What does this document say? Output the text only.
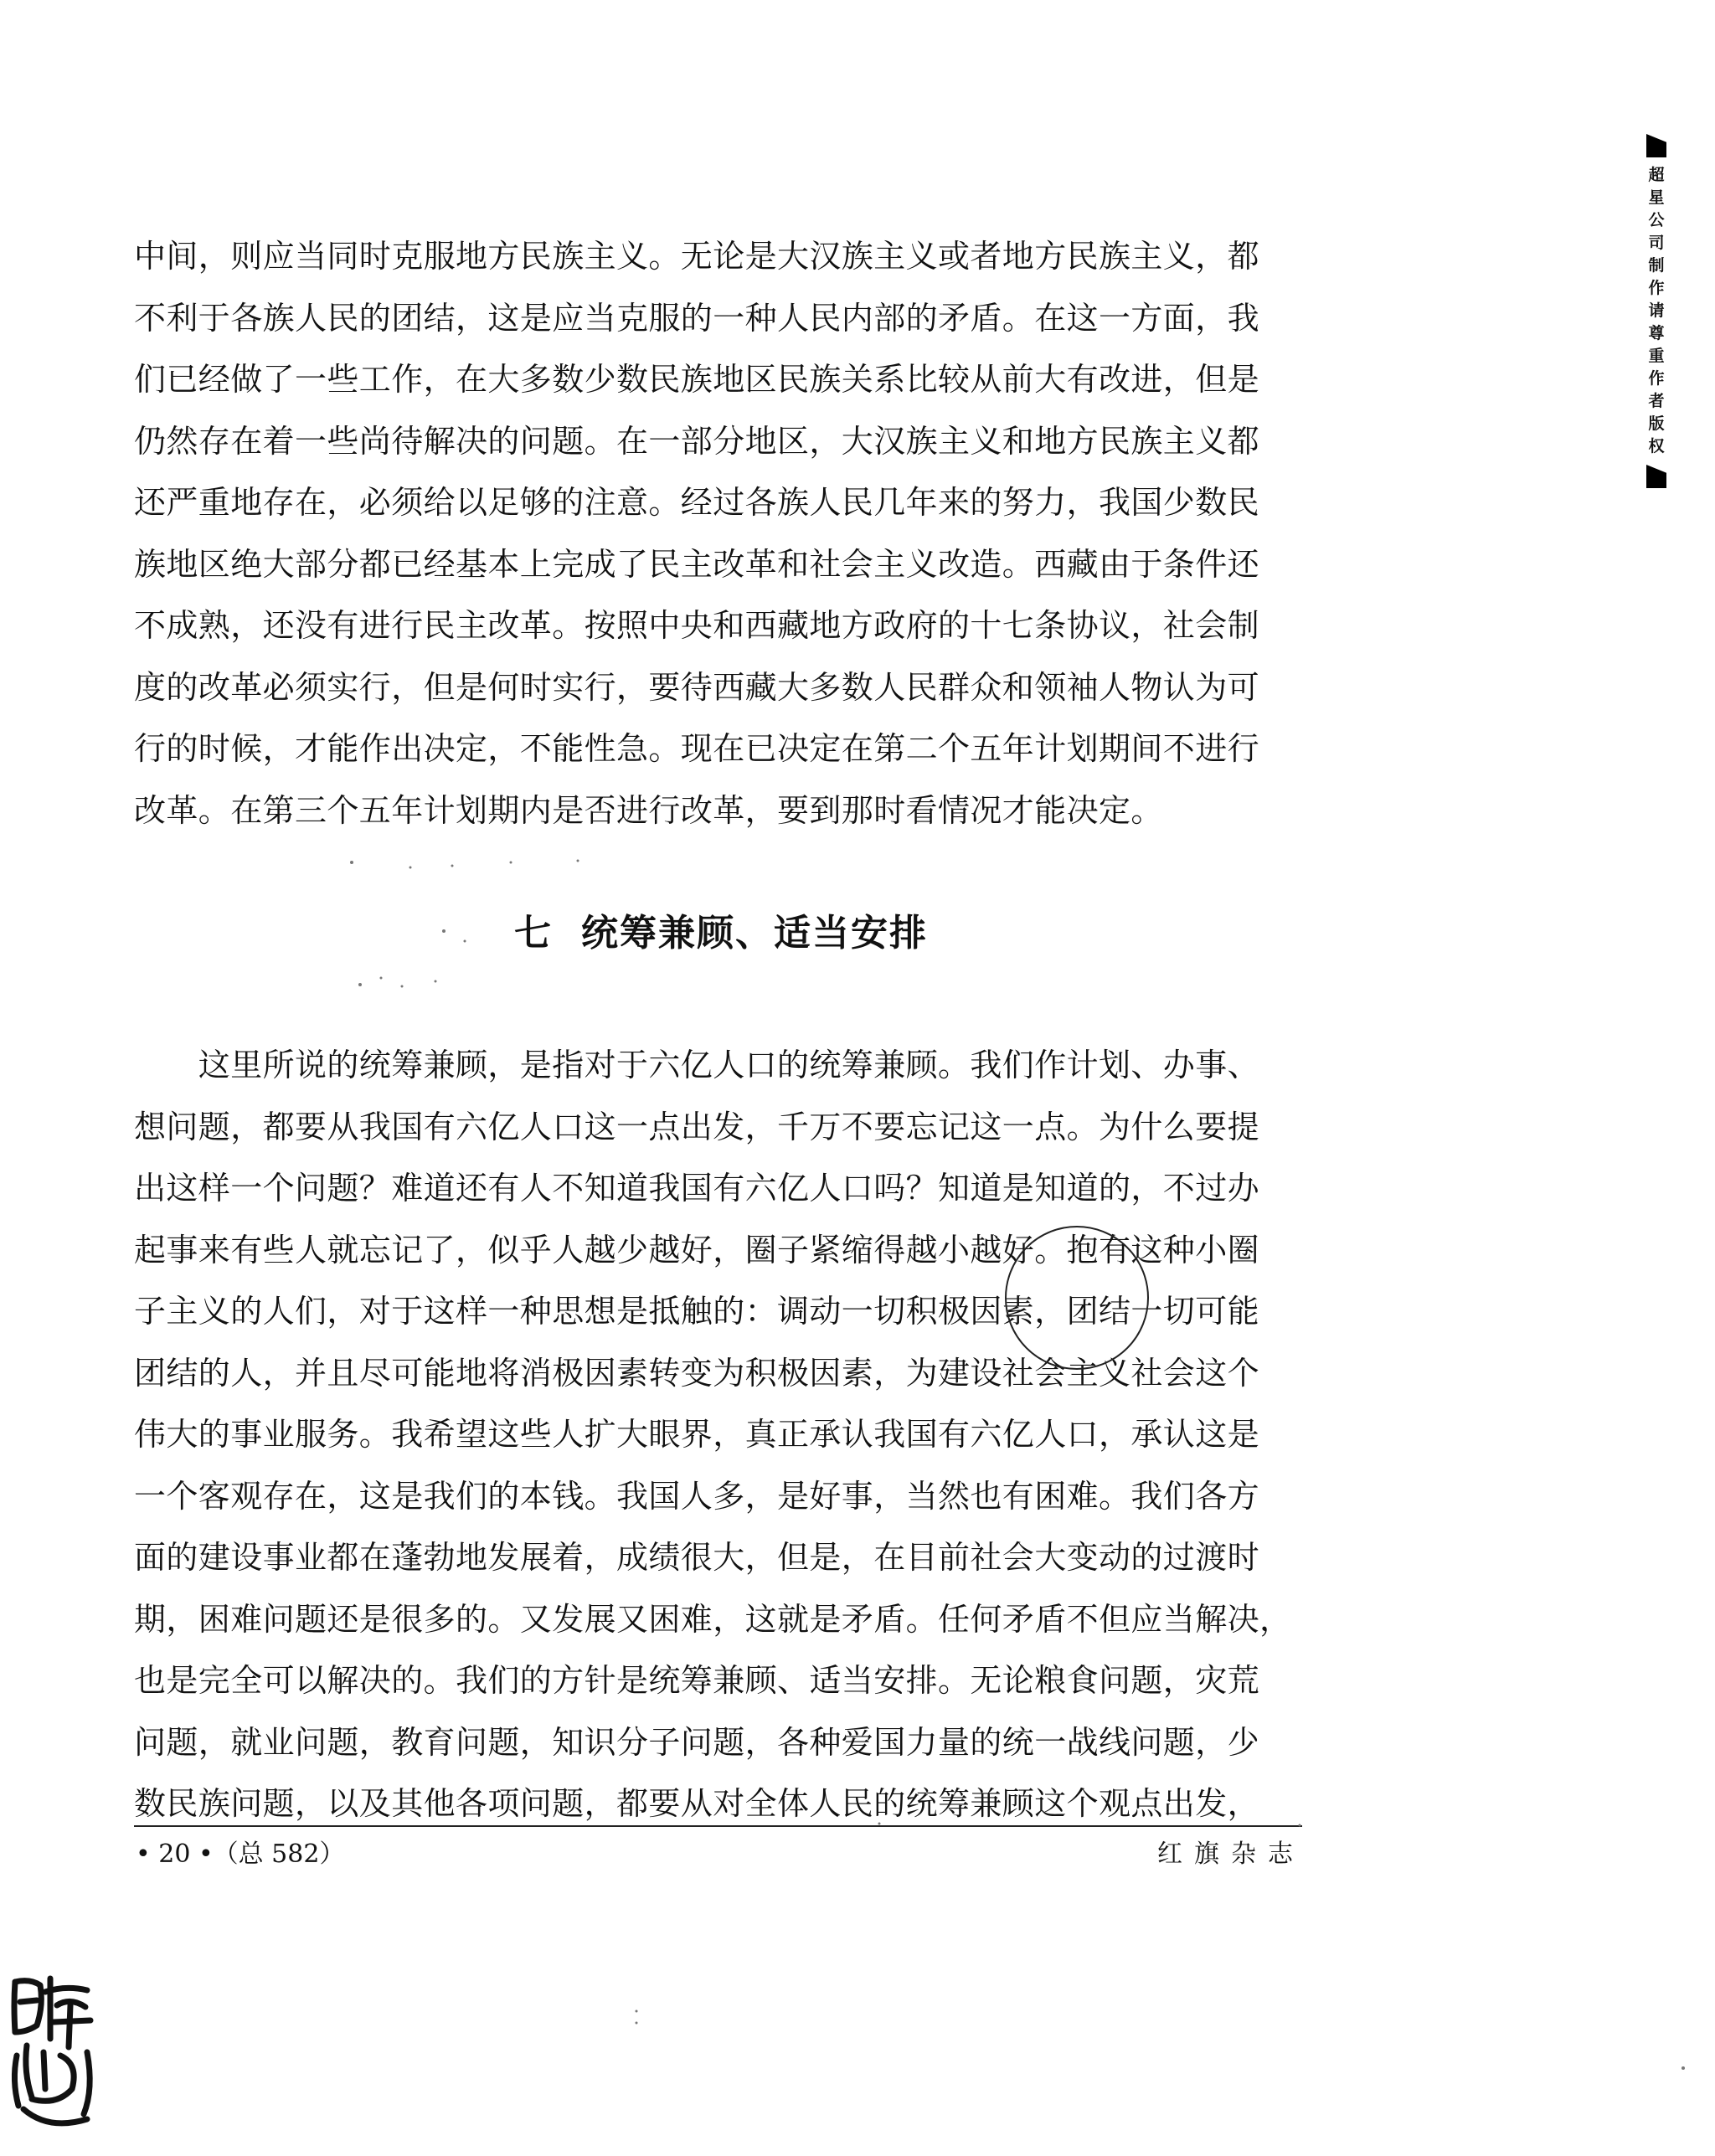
中间，则应当同时克服地方民族主义。无论是大汉族主义或者地方民族主义，都

不利于各族人民的团结，这是应当克服的一种人民内部的矛盾。在这一方面，我

们已经做了一些工作，在大多数少数民族地区民族关系比较从前大有改进，但是

仍然存在着一些尚待解决的问题。在一部分地区，大汉族主义和地方民族主义都

还严重地存在，必须给以足够的注意。经过各族人民几年来的努力，我国少数民

族地区绝大部分都已经基本上完成了民主改革和社会主义改造。西藏由于条件还

不成熟，还没有进行民主改革。按照中央和西藏地方政府的十七条协议，社会制

度的改革必须实行，但是何时实行，要待西藏大多数人民群众和领袖人物认为可

行的时候，才能作出决定，不能性急。现在已决定在第二个五年计划期间不进行

改革。在第三个五年计划期内是否进行改革，要到那时看情况才能决定。

七 统筹兼顾、适当安排

　　这里所说的统筹兼顾，是指对于六亿人口的统筹兼顾。我们作计划、办事、

想问题，都要从我国有六亿人口这一点出发，千万不要忘记这一点。为什么要提

出这样一个问题？难道还有人不知道我国有六亿人口吗？知道是知道的，不过办

起事来有些人就忘记了，似乎人越少越好，圈子紧缩得越小越好。抱有这种小圈

子主义的人们，对于这样一种思想是抵触的：调动一切积极因素，团结一切可能

团结的人，并且尽可能地将消极因素转变为积极因素，为建设社会主义社会这个

伟大的事业服务。我希望这些人扩大眼界，真正承认我国有六亿人口，承认这是

一个客观存在，这是我们的本钱。我国人多，是好事，当然也有困难。我们各方

面的建设事业都在蓬勃地发展着，成绩很大，但是，在目前社会大变动的过渡时

期，困难问题还是很多的。又发展又困难，这就是矛盾。任何矛盾不但应当解决，

也是完全可以解决的。我们的方针是统筹兼顾、适当安排。无论粮食问题，灾荒

问题，就业问题，教育问题，知识分子问题，各种爱国力量的统一战线问题，少

数民族问题，以及其他各项问题，都要从对全体人民的统筹兼顾这个观点出发，

• 20 •（总 582）	红旗杂志
超星公司制作 请尊重作者版权
